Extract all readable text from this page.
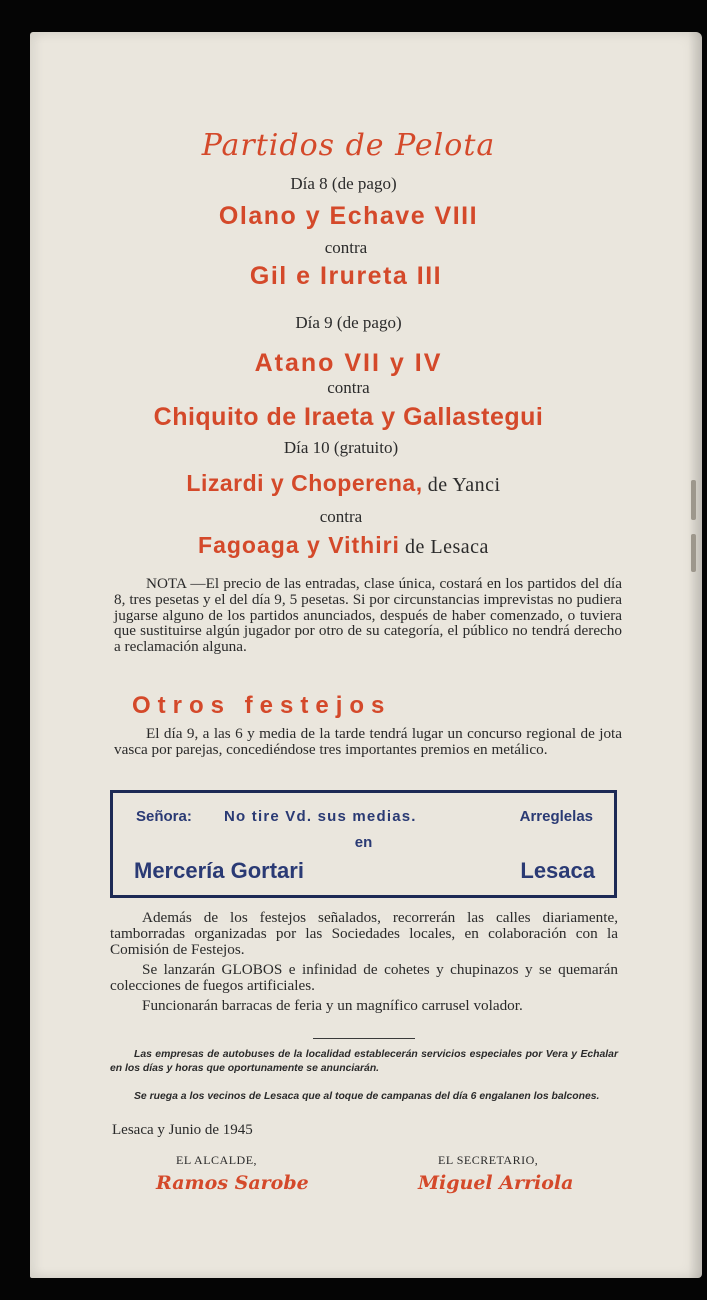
Partidos de Pelota
Día 8 (de pago)
Olano y Echave VIII
contra
Gil e Irureta III
Día 9 (de pago)
Atano VII y IV
contra
Chiquito de Iraeta y Gallastegui
Día 10 (gratuito)
Lizardi y Choperena, de Yanci
contra
Fagoaga y Vithiri de Lesaca
NOTA —El precio de las entradas, clase única, costará en los partidos del día 8, tres pesetas y el del día 9, 5 pesetas. Si por circunstancias imprevistas no pudiera jugarse alguno de los partidos anunciados, después de haber comenzado, o tuviera que sustituirse algún jugador por otro de su categoría, el público no tendrá derecho a reclamación alguna.
Otros festejos
El día 9, a las 6 y media de la tarde tendrá lugar un concurso regional de jota vasca por parejas, concediéndose tres importantes premios en metálico.
Señora: No tire Vd. sus medias.	Arreglelas
en
Mercería Gortari	Lesaca
Además de los festejos señalados, recorrerán las calles diariamente, tamborradas organizadas por las Sociedades locales, en colaboración con la Comisión de Festejos.
Se lanzarán GLOBOS e infinidad de cohetes y chupinazos y se quemarán colecciones de fuegos artificiales.
Funcionarán barracas de feria y un magnífico carrusel volador.
Las empresas de autobuses de la localidad establecerán servicios especiales por Vera y Echalar en los días y horas que oportunamente se anunciarán.
Se ruega a los vecinos de Lesaca que al toque de campanas del día 6 engalanen los balcones.
Lesaca y Junio de 1945
EL ALCALDE,
Ramos Sarobe
EL SECRETARIO,
Miguel Arriola
